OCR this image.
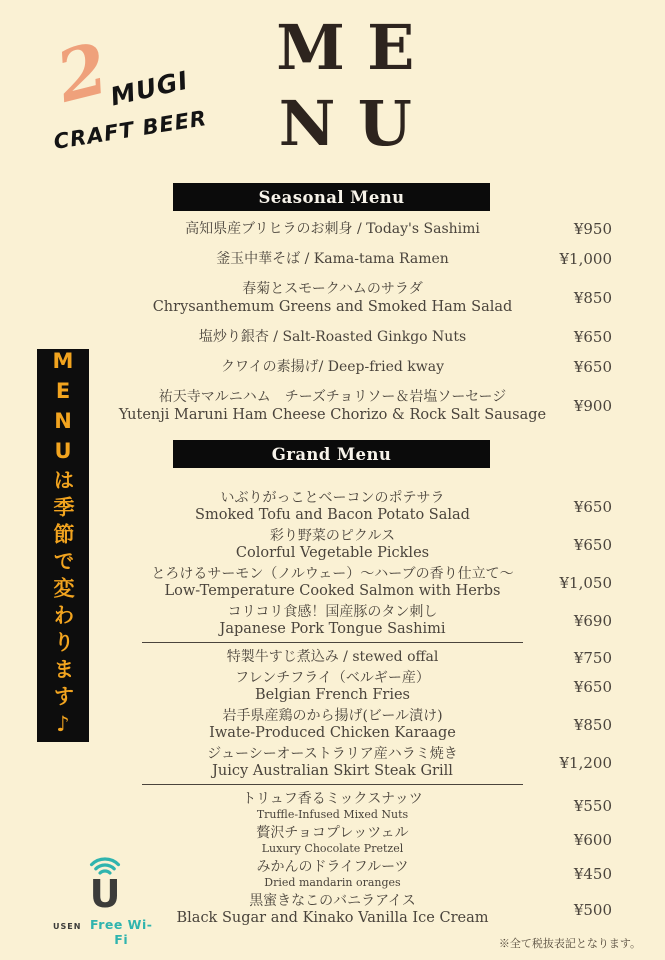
2
MUGI
CRAFT BEER
ME
NU
MENUは季節で変わります♪
Seasonal Menu
高知県産ブリヒラのお刺身 / Today's Sashimi	¥950
釜玉中華そば / Kama-tama Ramen	¥1,000
春菊とスモークハムのサラダ
Chrysanthemum Greens and Smoked Ham Salad	¥850
塩炒り銀杏 / Salt-Roasted Ginkgo Nuts	¥650
クワイの素揚げ/ Deep-fried kway	¥650
祐天寺マルニハム　チーズチョリソー＆岩塩ソーセージ
Yutenji Maruni Ham Cheese Chorizo & Rock Salt Sausage	¥900
Grand Menu
いぶりがっことベーコンのポテサラ
Smoked Tofu and Bacon Potato Salad	¥650
彩り野菜のピクルス
Colorful Vegetable Pickles	¥650
とろけるサーモン（ノルウェー）〜ハーブの香り仕立て〜
Low-Temperature Cooked Salmon with Herbs	¥1,050
コリコリ食感！国産豚のタン刺し
Japanese Pork Tongue Sashimi	¥690
特製牛すじ煮込み / stewed offal	¥750
フレンチフライ（ベルギー産）
Belgian French Fries	¥650
岩手県産鶏のから揚げ(ビール漬け)
Iwate-Produced Chicken Karaage	¥850
ジューシーオーストラリア産ハラミ焼き
Juicy Australian Skirt Steak Grill	¥1,200
トリュフ香るミックスナッツ
Truffle-Infused Mixed Nuts	¥550
贅沢チョコプレッツェル
Luxury Chocolate Pretzel	¥600
みかんのドライフルーツ
Dried mandarin oranges	¥450
黒蜜きなこのバニラアイス
Black Sugar and Kinako Vanilla Ice Cream	¥500
U
USEN Free Wi-Fi	※全て税抜表記となります。
